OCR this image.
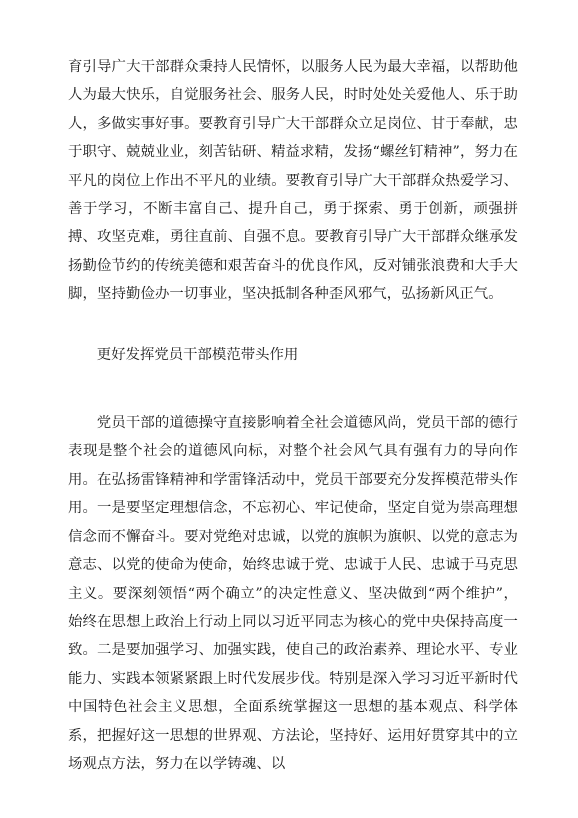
育引导广大干部群众秉持人民情怀，以服务人民为最大幸福，以帮助他人为最大快乐，自觉服务社会、服务人民，时时处处关爱他人、乐于助人，多做实事好事。要教育引导广大干部群众立足岗位、甘于奉献，忠于职守、兢兢业业，刻苦钻研、精益求精，发扬“螺丝钉精神”，努力在平凡的岗位上作出不平凡的业绩。要教育引导广大干部群众热爱学习、善于学习，不断丰富自己、提升自己，勇于探索、勇于创新，顽强拼搏、攻坚克难，勇往直前、自强不息。要教育引导广大干部群众继承发扬勤俭节约的传统美德和艰苦奋斗的优良作风，反对铺张浪费和大手大脚，坚持勤俭办一切事业，坚决抵制各种歪风邪气，弘扬新风正气。

更好发挥党员干部模范带头作用

党员干部的道德操守直接影响着全社会道德风尚，党员干部的德行表现是整个社会的道德风向标，对整个社会风气具有强有力的导向作用。在弘扬雷锋精神和学雷锋活动中，党员干部要充分发挥模范带头作用。一是要坚定理想信念，不忘初心、牢记使命，坚定自觉为崇高理想信念而不懈奋斗。要对党绝对忠诚，以党的旗帜为旗帜、以党的意志为意志、以党的使命为使命，始终忠诚于党、忠诚于人民、忠诚于马克思主义。要深刻领悟“两个确立”的决定性意义、坚决做到“两个维护”，始终在思想上政治上行动上同以习近平同志为核心的党中央保持高度一致。二是要加强学习、加强实践，使自己的政治素养、理论水平、专业能力、实践本领紧紧跟上时代发展步伐。特别是深入学习习近平新时代中国特色社会主义思想，全面系统掌握这一思想的基本观点、科学体系，把握好这一思想的世界观、方法论，坚持好、运用好贯穿其中的立场观点方法，努力在以学铸魂、以
